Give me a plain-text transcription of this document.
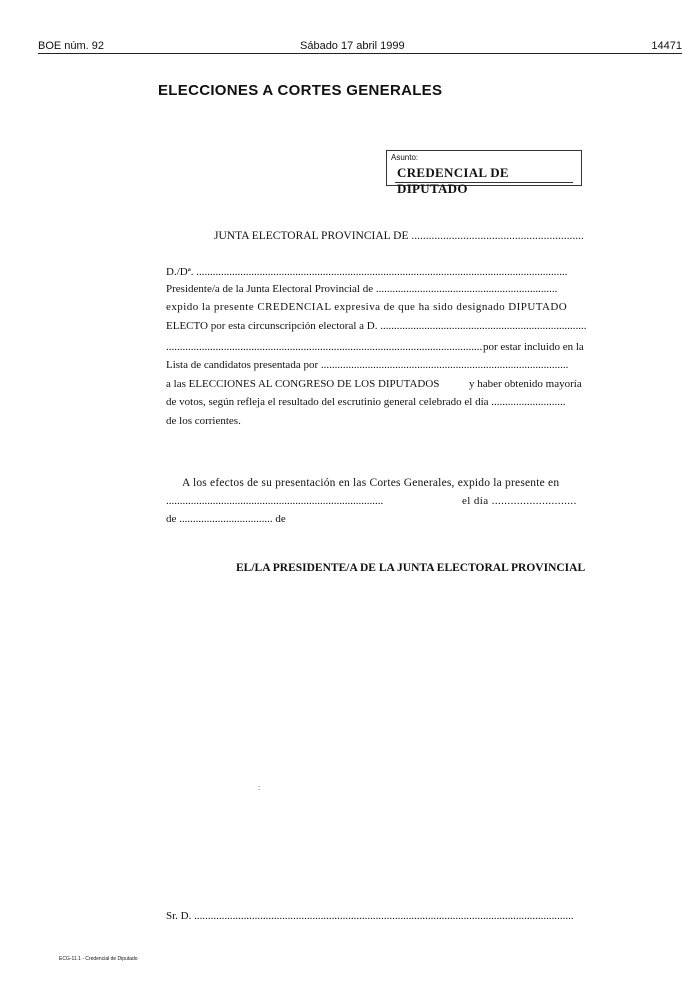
BOE núm. 92	Sábado 17 abril 1999	14471
ELECCIONES A CORTES GENERALES
Asunto:
CREDENCIAL DE DIPUTADO
JUNTA ELECTORAL PROVINCIAL DE ............................................................
D./Dª. .......................................................................................................................................
Presidente/a de la Junta Electoral Provincial de ..................................................................
expido la presente CREDENCIAL expresiva de que ha sido designado DIPUTADO
ELECTO por esta circunscripción electoral a D. ...........................................................................
................................................................................................................... por estar incluido en la
Lista de candidatos presentada por ..........................................................................................
a las ELECCIONES AL CONGRESO DE LOS DIPUTADOS	y haber obtenido mayoría
de votos, según refleja el resultado del escrutinio general celebrado el día ...........................
de los corrientes.
A los efectos de su presentación en las Cortes Generales, expido la presente en
...............................................................................	el día ...........................
de .................................. de
EL/LA PRESIDENTE/A DE LA JUNTA ELECTORAL PROVINCIAL
Sr. D. ..........................................................................................................................................
ECG-11.1 - Credencial de Diputado
:
